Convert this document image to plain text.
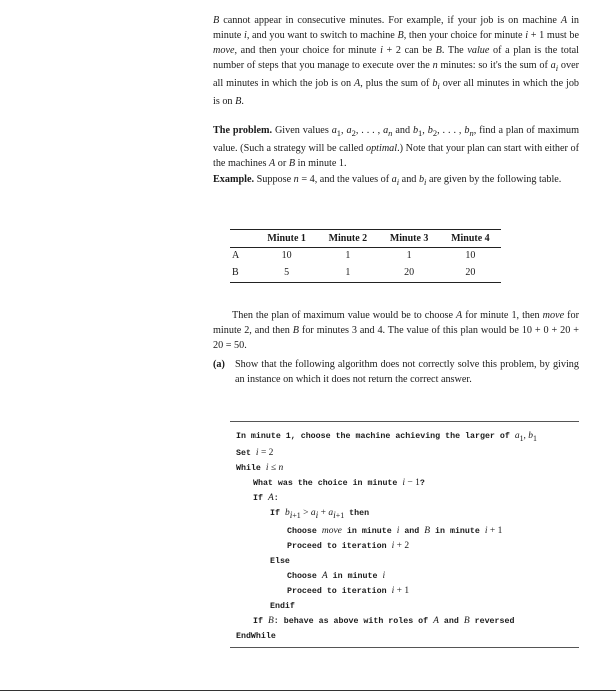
B cannot appear in consecutive minutes. For example, if your job is on machine A in minute i, and you want to switch to machine B, then your choice for minute i + 1 must be move, and then your choice for minute i + 2 can be B. The value of a plan is the total number of steps that you manage to execute over the n minutes: so it's the sum of $a_i$ over all minutes in which the job is on A, plus the sum of $b_i$ over all minutes in which the job is on B.

The problem. Given values $a_1$, $a_2$, . . . , $a_n$ and $b_1$, $b_2$, . . . , $b_n$, find a plan of maximum value. (Such a strategy will be called optimal.) Note that your plan can start with either of the machines A or B in minute 1.

Example. Suppose n = 4, and the values of $a_i$ and $b_i$ are given by the following table.

	Minute 1	Minute 2	Minute 3	Minute 4
A	10	1	1	10
B	5	1	20	20

Then the plan of maximum value would be to choose A for minute 1, then move for minute 2, and then B for minutes 3 and 4. The value of this plan would be 10 + 0 + 20 + 20 = 50.

(a) Show that the following algorithm does not correctly solve this problem, by giving an instance on which it does not return the correct answer.
In minute 1, choose the machine achieving the larger of $a_1$, $b_1$
Set i = 2
While i ≤ n
What was the choice in minute i − 1?
If A:
If $b_{i+1} > a_i + a_{i+1}$ then
Choose move in minute i and B in minute i + 1
Proceed to iteration i + 2
Else
Choose A in minute i
Proceed to iteration i + 1
Endif
If B: behave as above with roles of A and B reversed
EndWhile
